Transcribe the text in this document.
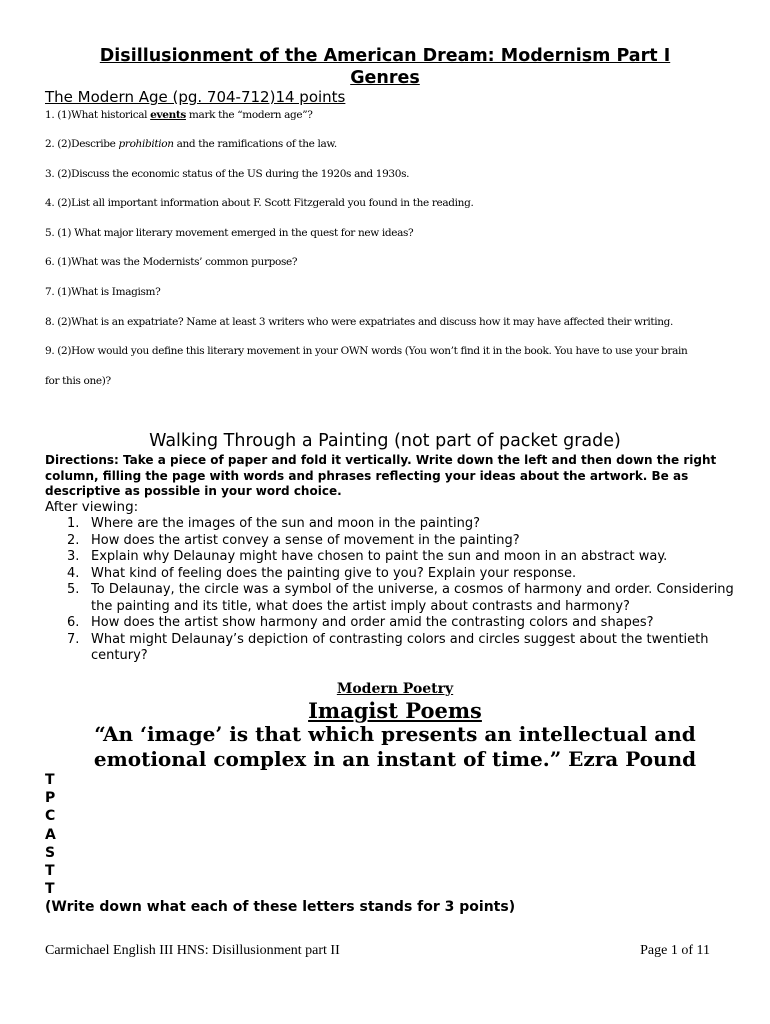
Disillusionment of the American Dream: Modernism Part I
Genres
The Modern Age (pg. 704-712)14 points
1. (1)What historical events mark the “modern age”?
2. (2)Describe prohibition and the ramifications of the law.
3. (2)Discuss the economic status of the US during the 1920s and 1930s.
4. (2)List all important information about F. Scott Fitzgerald you found in the reading.
5. (1) What major literary movement emerged in the quest for new ideas?
6. (1)What was the Modernists’ common purpose?
7. (1)What is Imagism?
8. (2)What is an expatriate? Name at least 3 writers who were expatriates and discuss how it may have affected their writing.
9. (2)How would you define this literary movement in your OWN words (You won’t find it in the book. You have to use your brain
for this one)?
Walking Through a Painting (not part of packet grade)
Directions: Take a piece of paper and fold it vertically. Write down the left and then down the right column, filling the page with words and phrases reflecting your ideas about the artwork. Be as descriptive as possible in your word choice.
After viewing:
1. Where are the images of the sun and moon in the painting?
2. How does the artist convey a sense of movement in the painting?
3. Explain why Delaunay might have chosen to paint the sun and moon in an abstract way.
4. What kind of feeling does the painting give to you? Explain your response.
5. To Delaunay, the circle was a symbol of the universe, a cosmos of harmony and order. Considering the painting and its title, what does the artist imply about contrasts and harmony?
6. How does the artist show harmony and order amid the contrasting colors and shapes?
7. What might Delaunay’s depiction of contrasting colors and circles suggest about the twentieth century?
Modern Poetry
Imagist Poems
“An ‘image’ is that which presents an intellectual and emotional complex in an instant of time.” Ezra Pound
T
P
C
A
S
T
T
(Write down what each of these letters stands for 3 points)
Carmichael English III HNS: Disillusionment part II	Page 1 of 11
